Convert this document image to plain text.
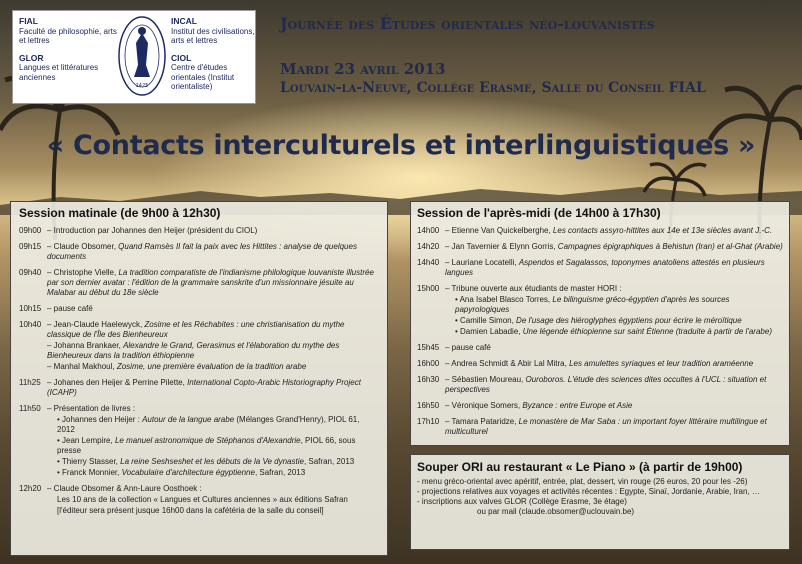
FIAL
Faculté de philosophie, arts et lettres
GLOR
Langues et littératures anciennes
1425
INCAL
Institut des civilisations, arts et lettres
CIOL
Centre d'études orientales (Institut orientaliste)
Journée des Études orientales néo-louvanistes
Mardi 23 avril 2013
Louvain-la-Neuve, Collège Erasme, Salle du Conseil FIAL
« Contacts interculturels et interlinguistiques »
Session matinale (de 9h00 à 12h30)
09h00 – Introduction par Johannes den Heijer (président du CIOL)
09h15 – Claude Obsomer, Quand Ramsès II fait la paix avec les Hittites : analyse de quelques documents
09h40 – Christophe Vielle, La tradition comparatiste de l'indianisme philologique louvaniste illustrée par son dernier avatar : l'édition de la grammaire sanskrite d'un missionnaire jésuite au Malabar au début du 18e siècle
10h15 – pause café
10h40 – Jean-Claude Haelewyck, Zosime et les Réchabites : une christianisation du mythe classique de l'Île des Bienheureux
– Johanna Brankaer, Alexandre le Grand, Gerasimus et l'élaboration du mythe des Bienheureux dans la tradition éthiopienne
– Manhal Makhoul, Zosime, une première évaluation de la tradition arabe
11h25 – Johanes den Heijer & Perrine Pilette, International Copto-Arabic Historiography Project (ICAHP)
11h50 – Présentation de livres :
• Johannes den Heijer : Autour de la langue arabe (Mélanges Grand'Henry), PIOL 61, 2012
• Jean Lempire, Le manuel astronomique de Stéphanos d'Alexandrie, PIOL 66, sous presse
• Thierry Stasser, La reine Seshseshet et les débuts de la Ve dynastie, Safran, 2013
• Franck Monnier, Vocabulaire d'architecture égyptienne, Safran, 2013
12h20 – Claude Obsomer & Ann-Laure Oosthoek :
Les 10 ans de la collection « Langues et Cultures anciennes » aux éditions Safran
[l'éditeur sera présent jusque 16h00 dans la cafétéria de la salle du conseil]
Session de l'après-midi (de 14h00 à 17h30)
14h00 – Etienne Van Quickelberghe, Les contacts assyro-hittites aux 14e et 13e siècles avant J.-C.
14h20 – Jan Tavernier & Elynn Gorris, Campagnes épigraphiques à Behistun (Iran) et al-Ghat (Arabie)
14h40 – Lauriane Locatelli, Aspendos et Sagalassos, toponymes anatoliens attestés en plusieurs langues
15h00 – Tribune ouverte aux étudiants de master HORI :
• Ana Isabel Blasco Torres, Le bilinguisme gréco-égyptien d'après les sources papyrologiques
• Camille Simon, De l'usage des hiéroglyphes égyptiens pour écrire le méroïtique
• Damien Labadie, Une légende éthiopienne sur saint Étienne (traduite à partir de l'arabe)
15h45 – pause café
16h00 – Andrea Schmidt & Abir Lal Mitra, Les amulettes syriaques et leur tradition araméenne
16h30 – Sébastien Moureau, Ouroboros. L'étude des sciences dites occultes à l'UCL : situation et perspectives
16h50 – Véronique Somers, Byzance : entre Europe et Asie
17h10 – Tamara Pataridze, Le monastère de Mar Saba : un important foyer littéraire multilingue et multiculturel
Souper ORI au restaurant « Le Piano » (à partir de 19h00)
- menu gréco-oriental avec apéritif, entrée, plat, dessert, vin rouge (26 euros, 20 pour les -26)
- projections relatives aux voyages et activités récentes : Egypte, Sinaï, Jordanie, Arabie, Iran, …
- inscriptions aux valves GLOR (Collège Erasme, 3e étage)
ou par mail (claude.obsomer@uclouvain.be)
